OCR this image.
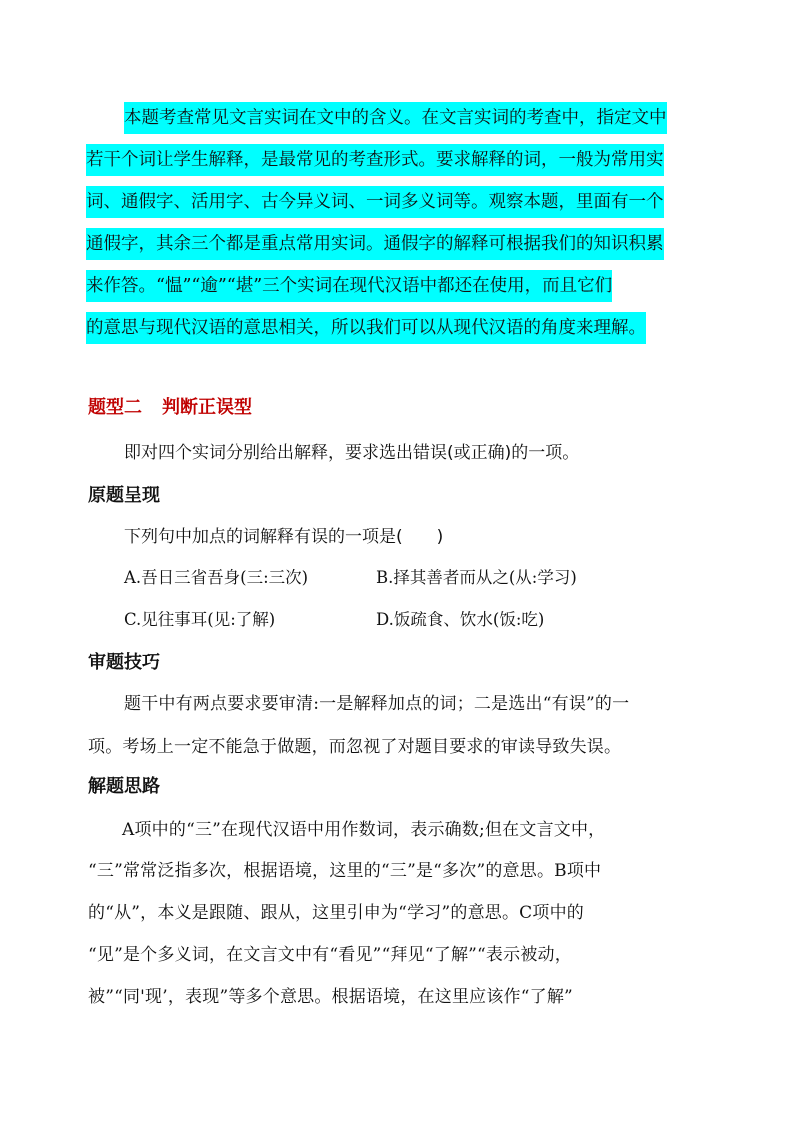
本题考查常见文言实词在文中的含义。在文言实词的考查中，指定文中
若干个词让学生解释，是最常见的考查形式。要求解释的词，一般为常用实
词、通假字、活用字、古今异义词、一词多义词等。观察本题，里面有一个
通假字，其余三个都是重点常用实词。通假字的解释可根据我们的知识积累
来作答。“愠”“逾”“堪”三个实词在现代汉语中都还在使用，而且它们
的意思与现代汉语的意思相关，所以我们可以从现代汉语的角度来理解。
题型二 判断正误型
即对四个实词分别给出解释，要求选出错误(或正确)的一项。
原题呈现
下列句中加点的词解释有误的一项是(　　)
A.吾日三省吾身(三:三次)	B.择其善者而从之(从:学习)
C.见往事耳(见:了解)	D.饭疏食、饮水(饭:吃)
审题技巧
题干中有两点要求要审清:一是解释加点的词；二是选出“有误”的一
项。考场上一定不能急于做题，而忽视了对题目要求的审读导致失误。
解题思路
A项中的“三”在现代汉语中用作数词，表示确数;但在文言文中，
“三”常常泛指多次，根据语境，这里的“三”是“多次”的意思。B项中
的“从”，本义是跟随、跟从，这里引申为“学习”的意思。C项中的
“见”是个多义词，在文言文中有“看见”“拜见“了解”“表示被动，
被”“同'现’，表现”等多个意思。根据语境，在这里应该作“了解”
